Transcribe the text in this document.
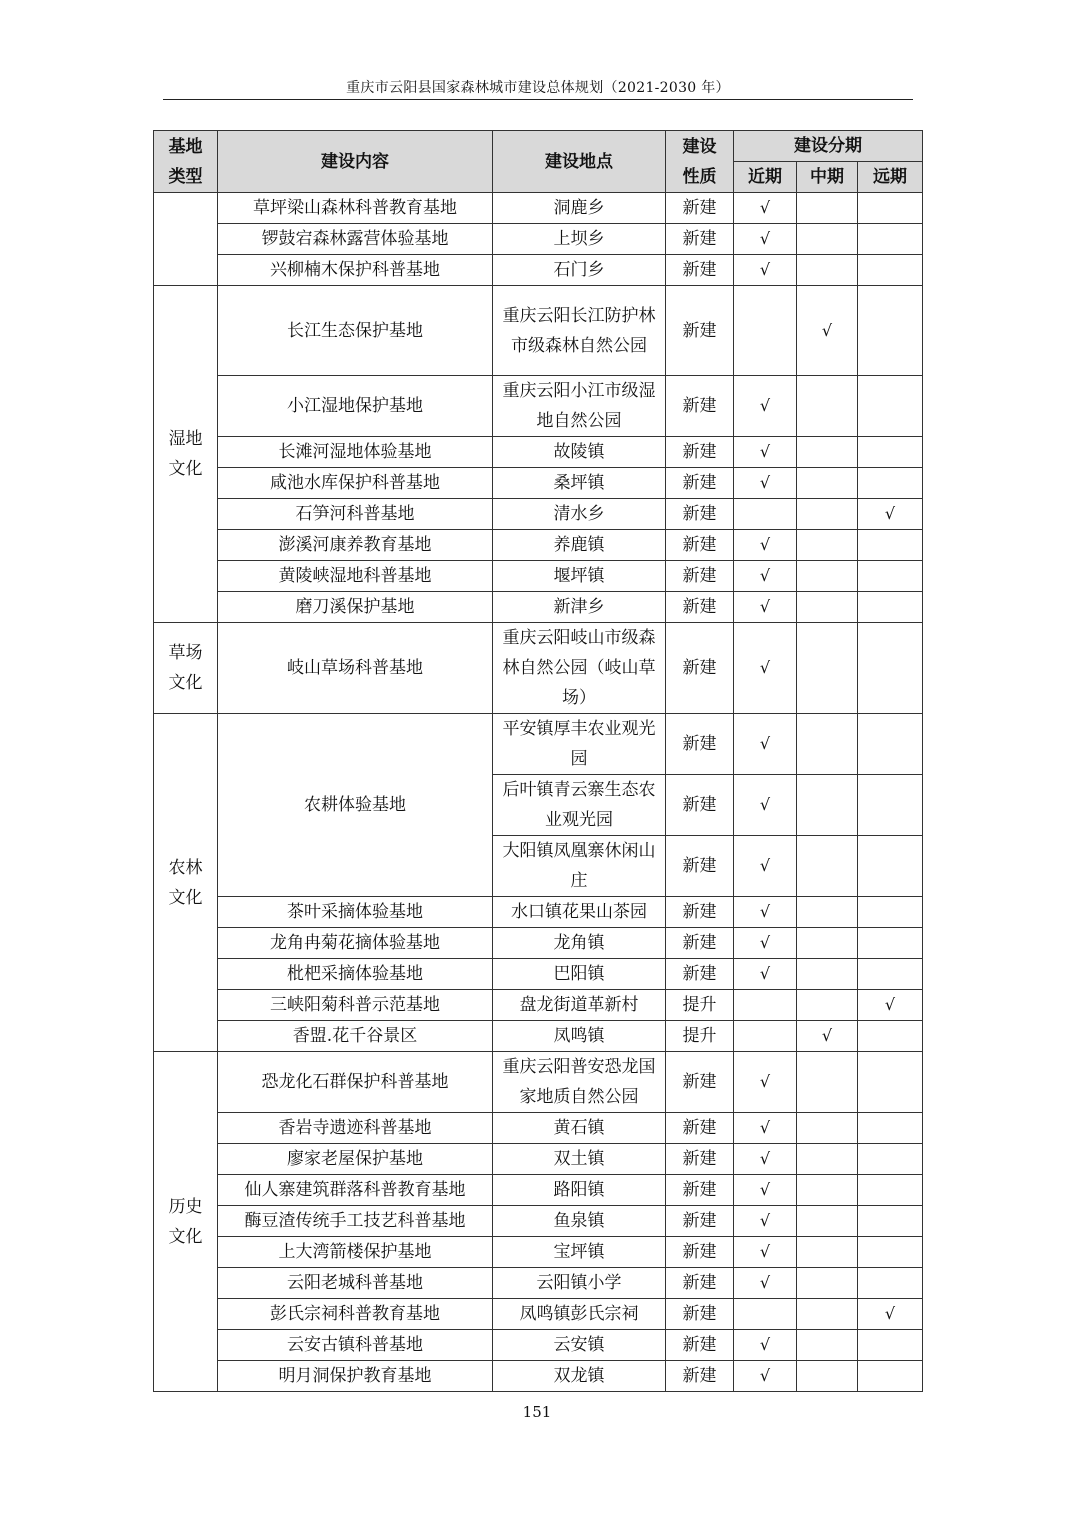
重庆市云阳县国家森林城市建设总体规划（2021-2030 年）
基地类型	建设内容	建设地点	建设性质	建设分期		
				近期	中期	远期

	草坪梁山森林科普教育基地	洞鹿乡	新建	√		
	锣鼓宕森林露营体验基地	上坝乡	新建	√		
	兴柳楠木保护科普基地	石门乡	新建	√		

湿地文化	长江生态保护基地	重庆云阳长江防护林市级森林自然公园	新建		√	
	小江湿地保护基地	重庆云阳小江市级湿地自然公园	新建	√		
	长滩河湿地体验基地	故陵镇	新建	√		
	咸池水库保护科普基地	桑坪镇	新建	√		
	石笋河科普基地	清水乡	新建			√
	澎溪河康养教育基地	养鹿镇	新建	√		
	黄陵峡湿地科普基地	堰坪镇	新建	√		
	磨刀溪保护基地	新津乡	新建	√		

草场文化	岐山草场科普基地	重庆云阳岐山市级森林自然公园（岐山草场）	新建	√		

农林文化	农耕体验基地	平安镇厚丰农业观光园	新建	√		
		后叶镇青云寨生态农业观光园	新建	√		
		大阳镇凤凰寨休闲山庄	新建	√		
	茶叶采摘体验基地	水口镇花果山茶园	新建	√		
	龙角冉菊花摘体验基地	龙角镇	新建	√		
	枇杷采摘体验基地	巴阳镇	新建	√		
	三峡阳菊科普示范基地	盘龙街道革新村	提升			√
	香盟.花千谷景区	凤鸣镇	提升		√	

历史文化	恐龙化石群保护科普基地	重庆云阳普安恐龙国家地质自然公园	新建	√		
	香岩寺遗迹科普基地	黄石镇	新建	√		
	廖家老屋保护基地	双土镇	新建	√		
	仙人寨建筑群落科普教育基地	路阳镇	新建	√		
	酶豆渣传统手工技艺科普基地	鱼泉镇	新建	√		
	上大湾箭楼保护基地	宝坪镇	新建	√		
	云阳老城科普基地	云阳镇小学	新建	√		
	彭氏宗祠科普教育基地	凤鸣镇彭氏宗祠	新建			√
	云安古镇科普基地	云安镇	新建	√		
	明月洞保护教育基地	双龙镇	新建	√		
151
